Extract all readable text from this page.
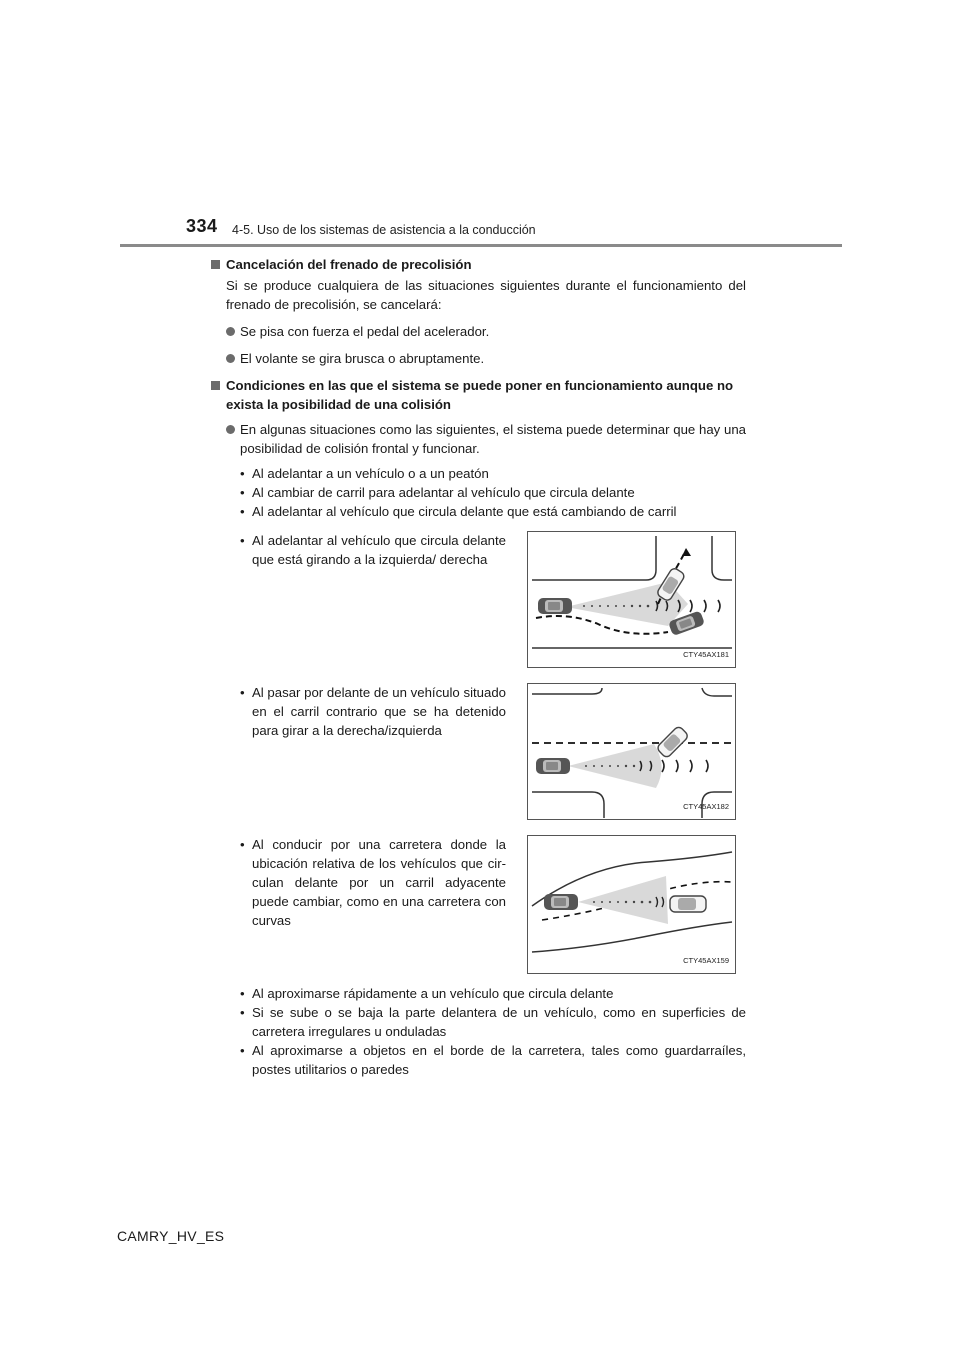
334 4-5. Uso de los sistemas de asistencia a la conducción
Cancelación del frenado de precolisión
Si se produce cualquiera de las situaciones siguientes durante el funcionamiento del frenado de precolisión, se cancelará:
Se pisa con fuerza el pedal del acelerador.
El volante se gira brusca o abruptamente.
Condiciones en las que el sistema se puede poner en funcionamiento aunque no exista la posibilidad de una colisión
En algunas situaciones como las siguientes, el sistema puede determinar que hay una posibilidad de colisión frontal y funcionar.
• Al adelantar a un vehículo o a un peatón
• Al cambiar de carril para adelantar al vehículo que circula delante
• Al adelantar al vehículo que circula delante que está cambiando de carril
• Al adelantar al vehículo que circula delante que está girando a la izquierda/ derecha
CTY45AX181
• Al pasar por delante de un vehículo situado en el carril contrario que se ha detenido para girar a la derecha/izquierda
CTY45AX182
• Al conducir por una carretera donde la ubicación relativa de los vehículos que cir- culan delante por un carril adyacente puede cambiar, como en una carretera con curvas
CTY45AX159
• Al aproximarse rápidamente a un vehículo que circula delante
• Si se sube o se baja la parte delantera de un vehículo, como en superficies de carretera irregulares u onduladas
• Al aproximarse a objetos en el borde de la carretera, tales como guardarraíles, postes utilitarios o paredes
CAMRY_HV_ES
